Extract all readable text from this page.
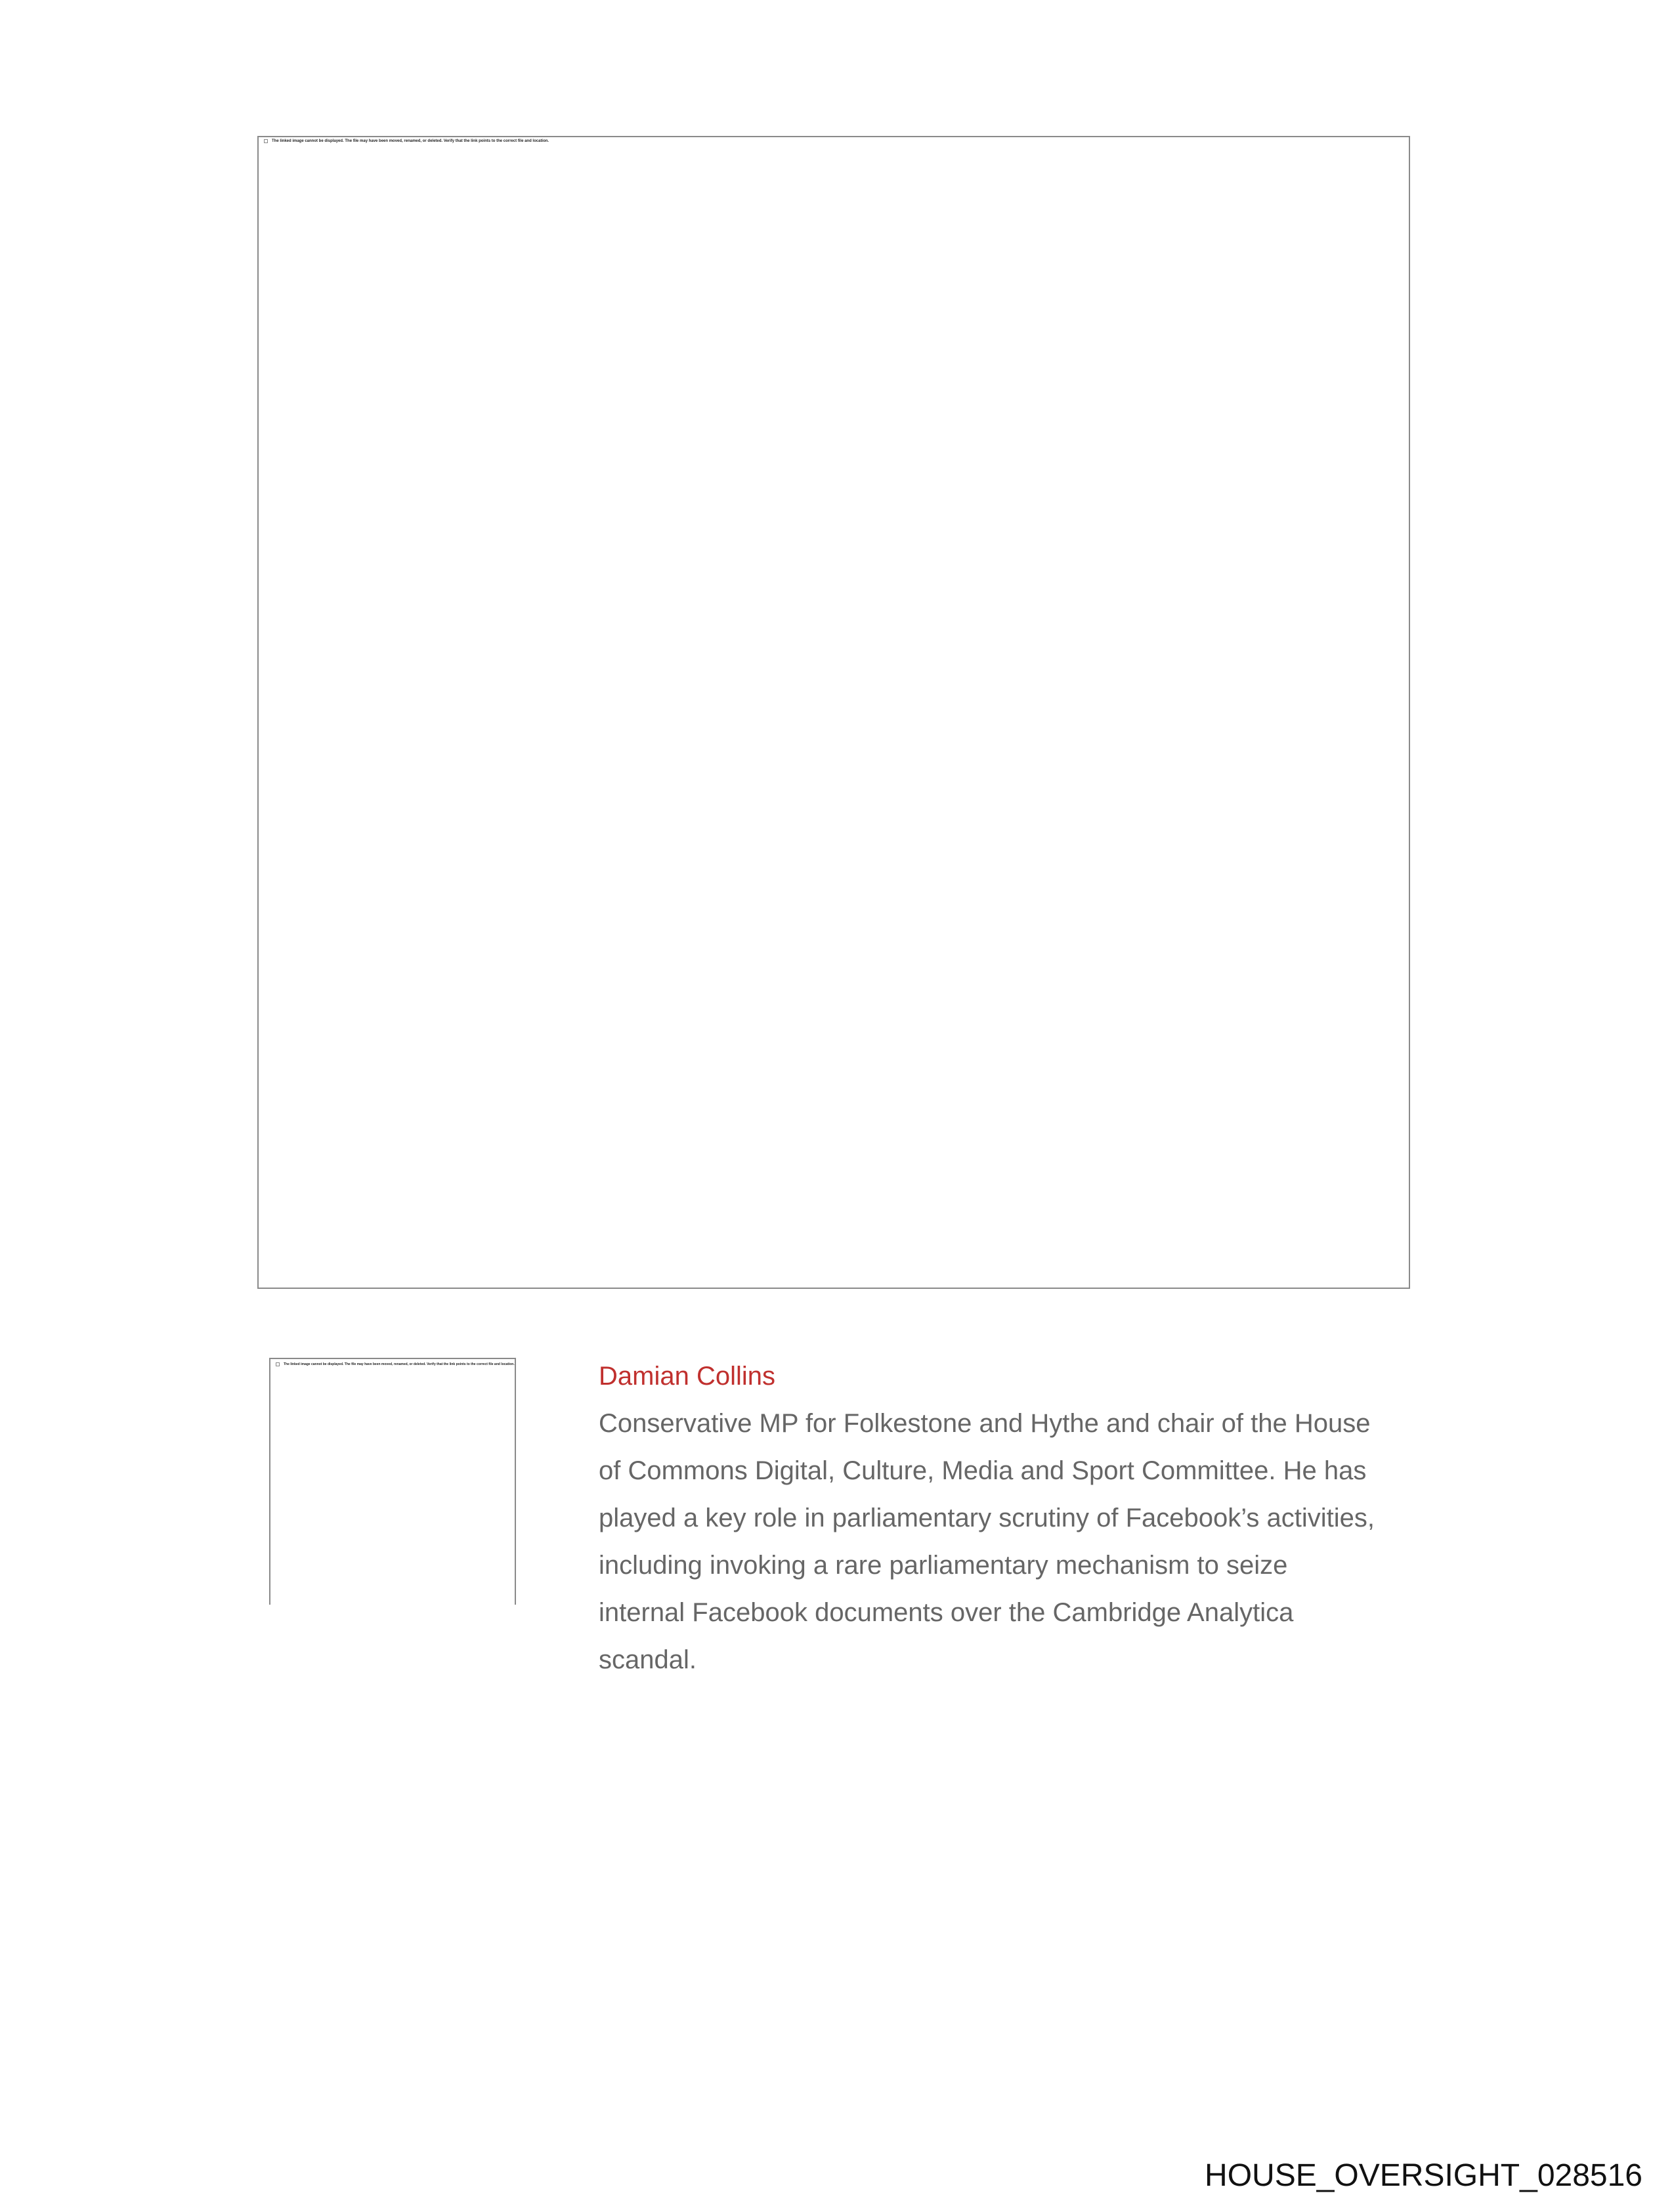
The linked image cannot be displayed. The file may have been moved, renamed, or deleted. Verify that the link points to the correct file and location.
The linked image cannot be displayed. The file may have been moved, renamed, or deleted. Verify that the link points to the correct file and location.	Damian Collins

Conservative MP for Folkestone and Hythe and chair of the House
of Commons Digital, Culture, Media and Sport Committee. He has
played a key role in parliamentary scrutiny of Facebook’s activities,
including invoking a rare parliamentary mechanism to seize
internal Facebook documents over the Cambridge Analytica
scandal.

HOUSE_OVERSIGHT_028516
